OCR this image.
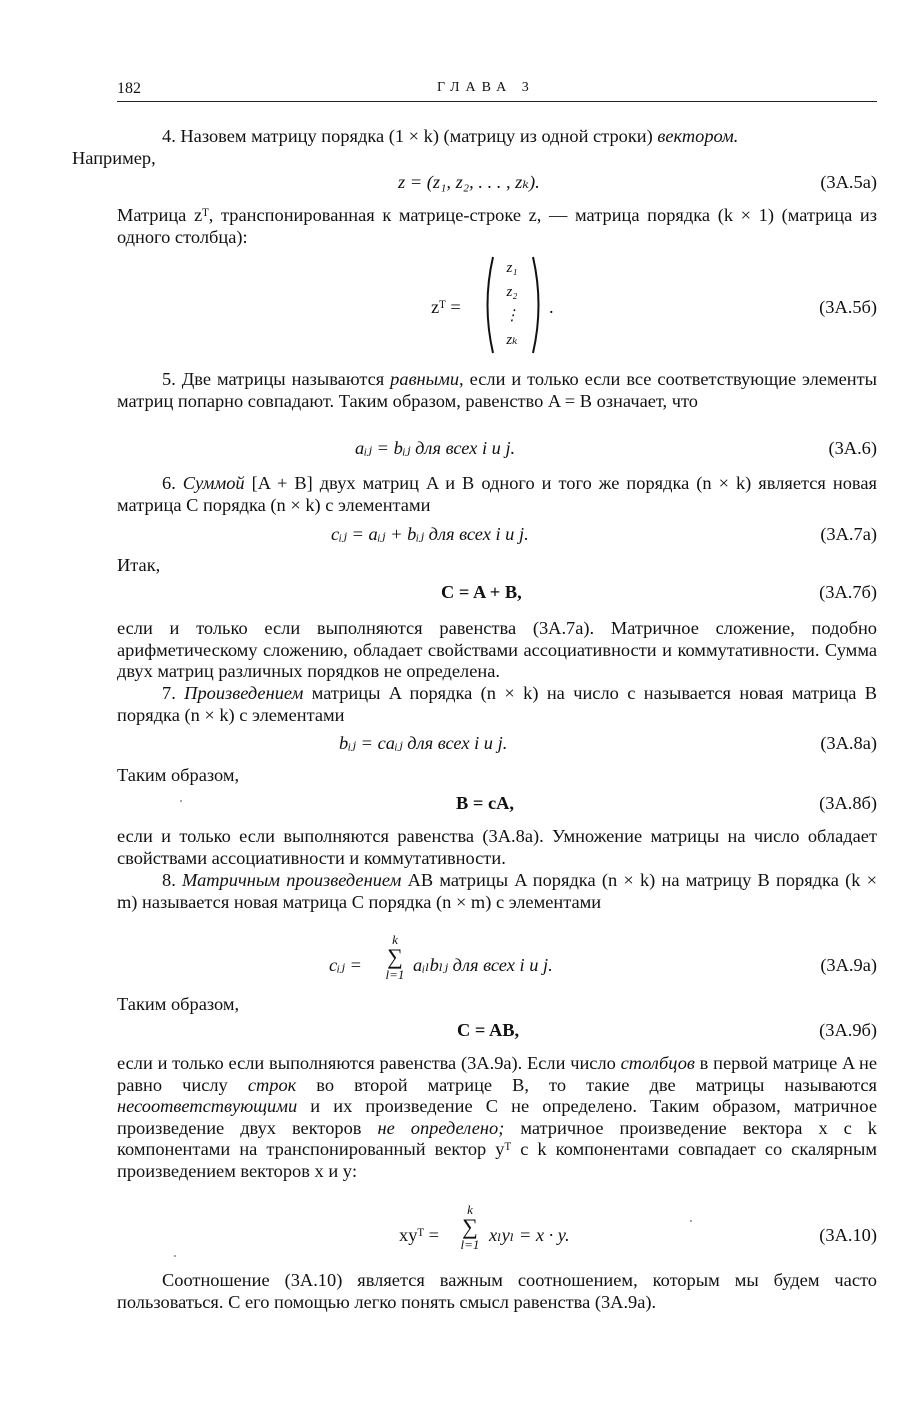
182	ГЛАВА 3
4. Назовем матрицу порядка (1 × k) (матрицу из одной строки) вектором.
Например,
z = (z₁, z₂, . . . , zₖ).	(3A.5a)
Матрица zᵀ, транспонированная к матрице-строке z, — матрица порядка (k × 1) (матрица из одного столбца):
zᵀ =
z₁
z₂
⋮
zₖ
.	(3A.5б)
5. Две матрицы называются равными, если и только если все соответствующие элементы матриц попарно совпадают. Таким образом, равенство A = B означает, что
aᵢⱼ = bᵢⱼ для всех i и j.	(3A.6)
6. Суммой [A + B] двух матриц A и B одного и того же порядка (n × k) является новая матрица C порядка (n × k) с элементами
cᵢⱼ = aᵢⱼ + bᵢⱼ для всех i и j.	(3A.7a)
Итак,
C = A + B,	(3A.7б)
если и только если выполняются равенства (3A.7a). Матричное сложение, подобно арифметическому сложению, обладает свойствами ассоциативности и коммутативности. Сумма двух матриц различных порядков не определена.
7. Произведением матрицы A порядка (n × k) на число c называется новая матрица B порядка (n × k) с элементами
bᵢⱼ = caᵢⱼ для всех i и j.	(3A.8a)
Таким образом,
B = cA,	(3A.8б)
если и только если выполняются равенства (3A.8a). Умножение матрицы на число обладает свойствами ассоциативности и коммутативности.
8. Матричным произведением AB матрицы A порядка (n × k) на матрицу B порядка (k × m) называется новая матрица C порядка (n × m) с элементами
cᵢⱼ =
k
∑
l=1 aᵢₗbₗⱼ для всех i и j.	(3A.9a)
Таким образом,
C = AB,	(3A.9б)
если и только если выполняются равенства (3A.9a). Если число столбцов в первой матрице A не равно числу строк во второй матрице B, то такие две матрицы называются несоответствующими и их произведение C не определено. Таким образом, матричное произведение двух векторов не определено; матричное произведение вектора x с k компонентами на транспонированный вектор yᵀ с k компонентами совпадает со скалярным произведением векторов x и y:
xyᵀ =
k
∑
l=1 xₗyₗ = x · y.	(3A.10)
Соотношение (3A.10) является важным соотношением, которым мы будем часто пользоваться. С его помощью легко понять смысл равенства (3A.9a).
